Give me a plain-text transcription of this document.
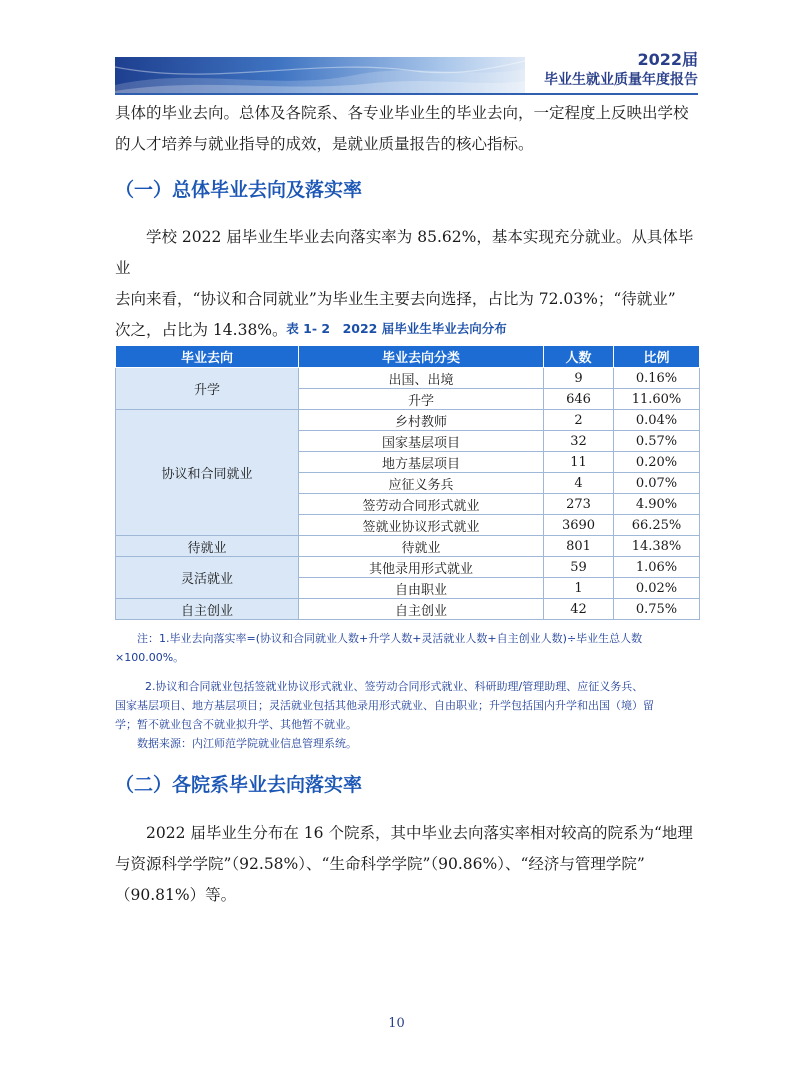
2022届
毕业生就业质量年度报告
具体的毕业去向。总体及各院系、各专业毕业生的毕业去向，一定程度上反映出学校
的人才培养与就业指导的成效，是就业质量报告的核心指标。
（一）总体毕业去向及落实率
学校 2022 届毕业生毕业去向落实率为 85.62%，基本实现充分就业。从具体毕业
去向来看，“协议和合同就业”为毕业生主要去向选择，占比为 72.03%；“待就业”
次之，占比为 14.38%。
表 1- 2　2022 届毕业生毕业去向分布
毕业去向	毕业去向分类	人数	比例
升学	出国、出境	9	0.16%
	升学	646	11.60%
协议和合同就业	乡村教师	2	0.04%
	国家基层项目	32	0.57%
	地方基层项目	11	0.20%
	应征义务兵	4	0.07%
	签劳动合同形式就业	273	4.90%
	签就业协议形式就业	3690	66.25%
待就业	待就业	801	14.38%
灵活就业	其他录用形式就业	59	1.06%
	自由职业	1	0.02%
自主创业	自主创业	42	0.75%
注：1.毕业去向落实率=(协议和合同就业人数+升学人数+灵活就业人数+自主创业人数)÷毕业生总人数
×100.00%。
2.协议和合同就业包括签就业协议形式就业、签劳动合同形式就业、科研助理/管理助理、应征义务兵、
国家基层项目、地方基层项目；灵活就业包括其他录用形式就业、自由职业；升学包括国内升学和出国（境）留
学；暂不就业包含不就业拟升学、其他暂不就业。
数据来源：内江师范学院就业信息管理系统。
（二）各院系毕业去向落实率
2022 届毕业生分布在 16 个院系，其中毕业去向落实率相对较高的院系为“地理
与资源科学学院”（92.58%）、“生命科学学院”（90.86%）、“经济与管理学院”
（90.81%）等。
10
